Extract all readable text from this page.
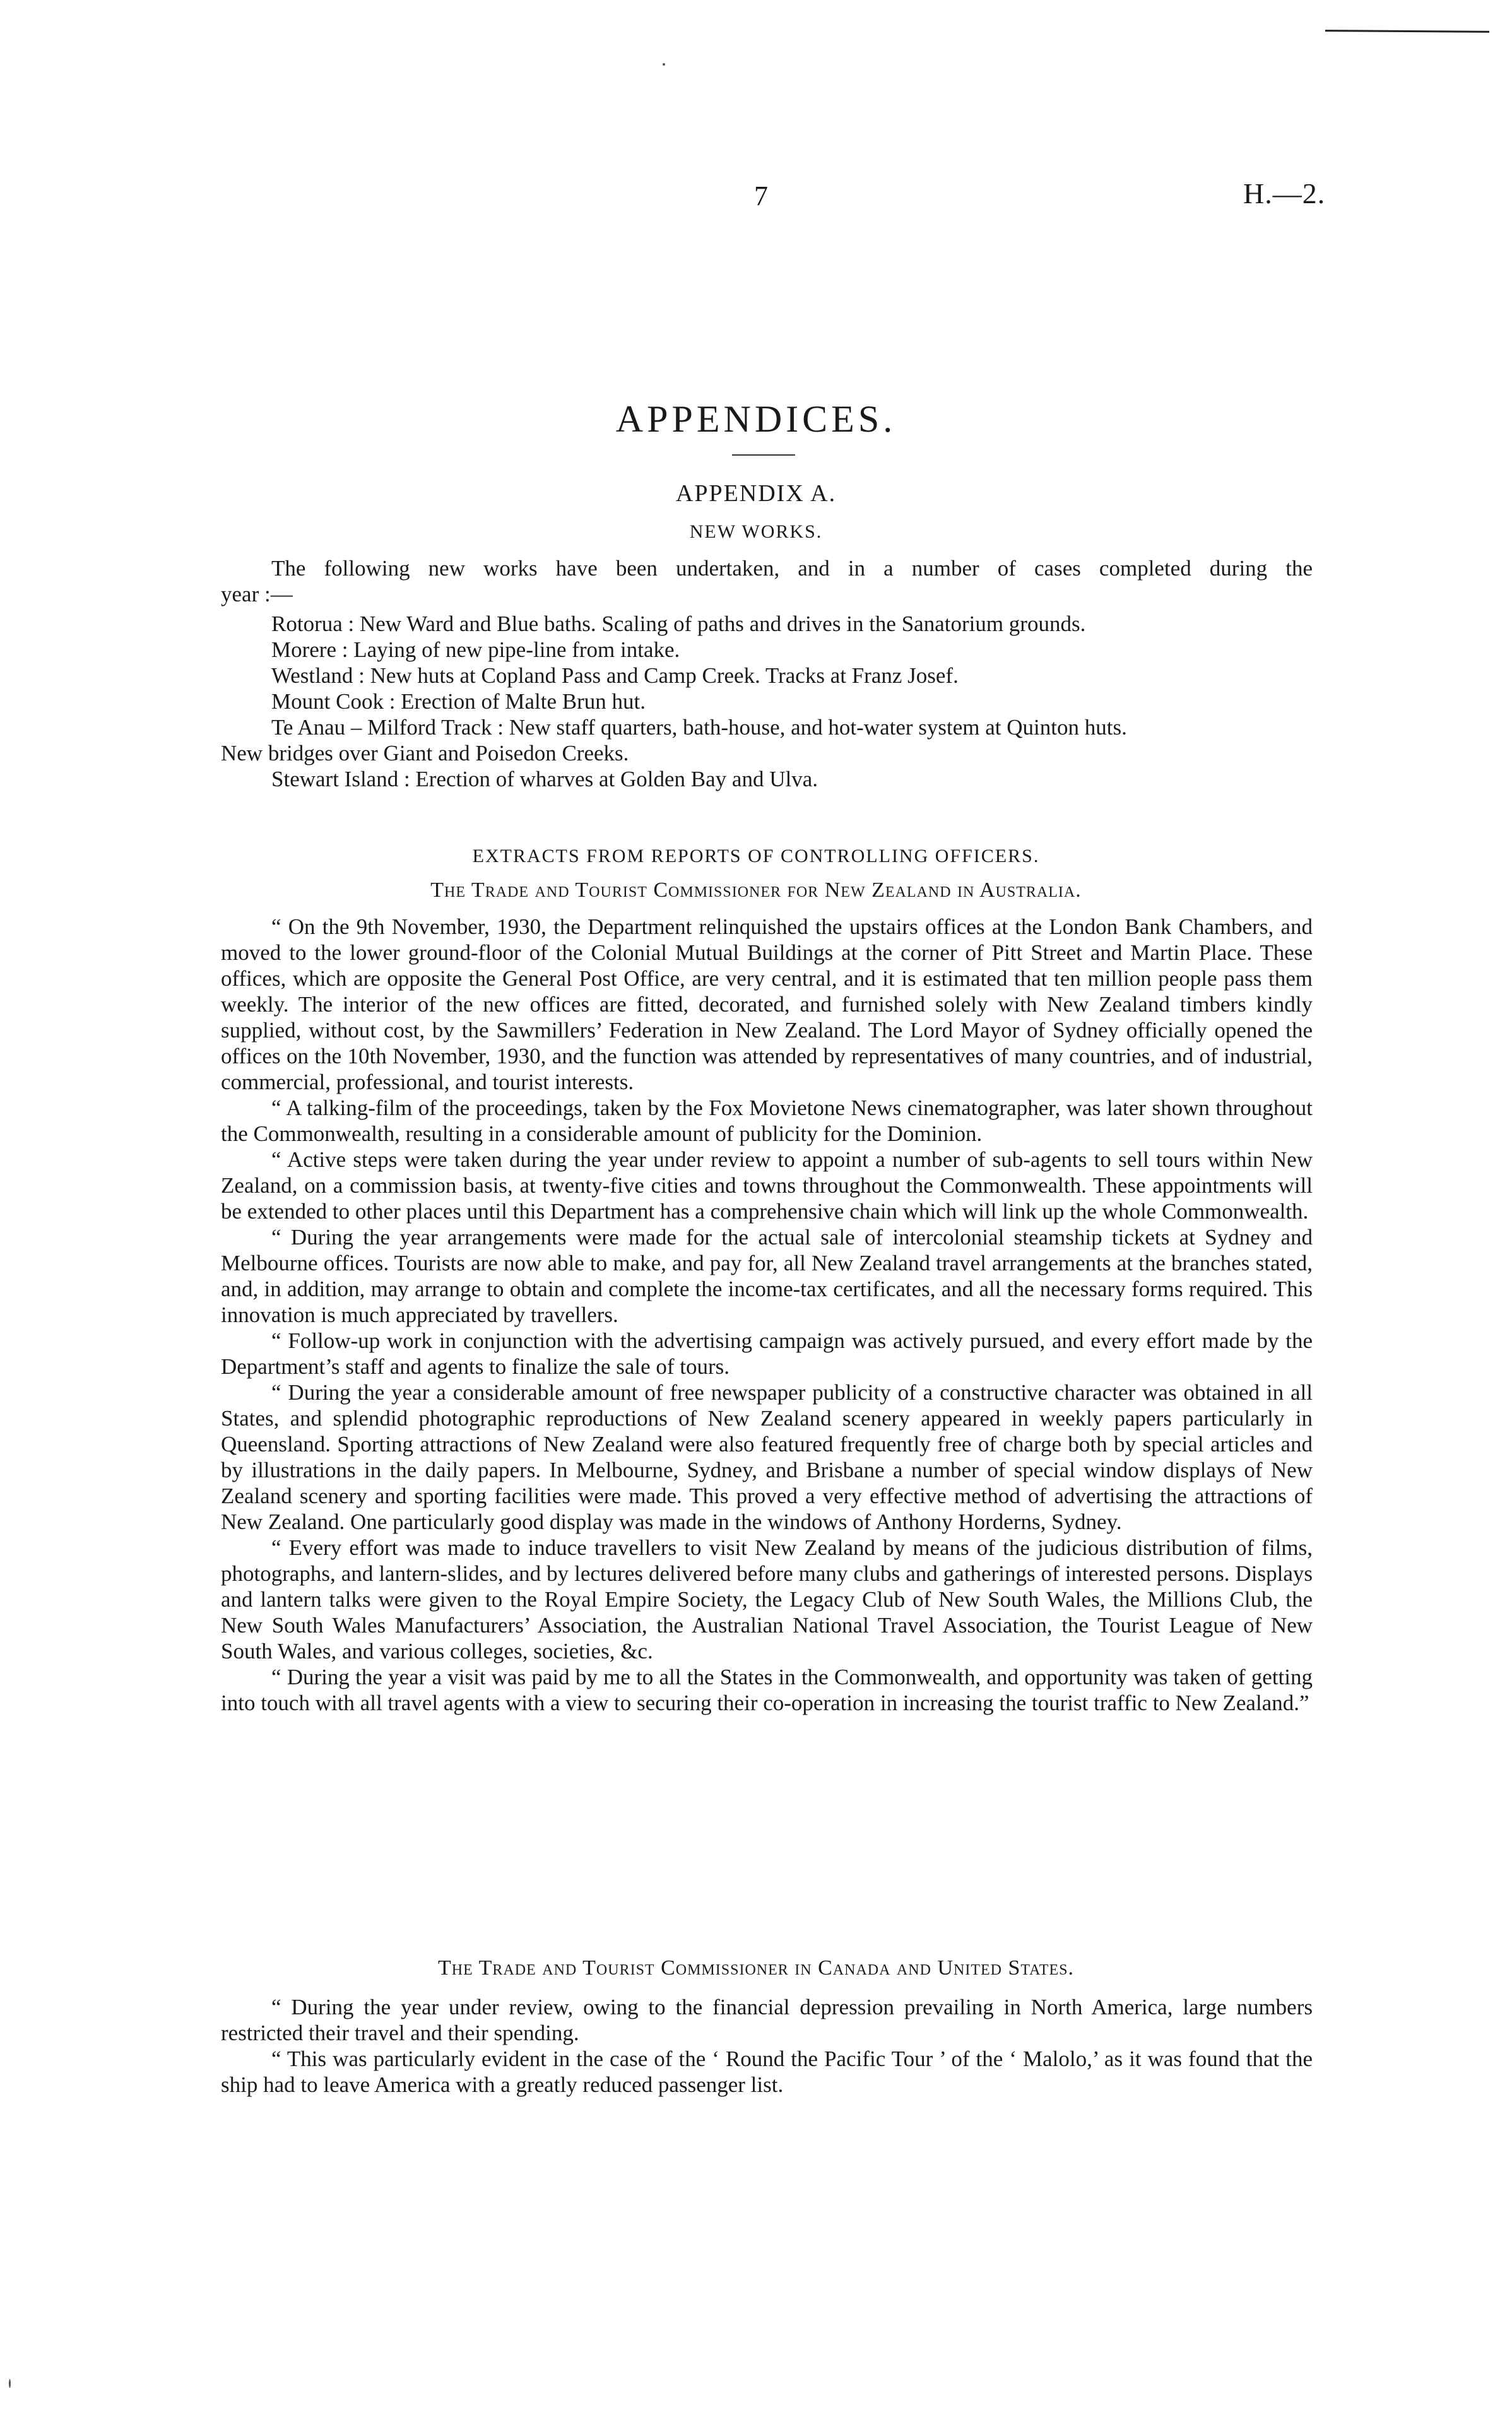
7	H.—2.
APPENDICES.
APPENDIX A.
NEW WORKS.
The following new works have been undertaken, and in a number of cases completed during the
year :—
Rotorua : New Ward and Blue baths. Scaling of paths and drives in the Sanatorium grounds.
Morere : Laying of new pipe-line from intake.
Westland : New huts at Copland Pass and Camp Creek. Tracks at Franz Josef.
Mount Cook : Erection of Malte Brun hut.
Te Anau – Milford Track : New staff quarters, bath-house, and hot-water system at Quinton huts.
New bridges over Giant and Poisedon Creeks.
Stewart Island : Erection of wharves at Golden Bay and Ulva.
EXTRACTS FROM REPORTS OF CONTROLLING OFFICERS.
The Trade and Tourist Commissioner for New Zealand in Australia.

“ On the 9th November, 1930, the Department relinquished the upstairs offices at the London Bank Chambers, and moved to the lower ground-floor of the Colonial Mutual Buildings at the corner of Pitt Street and Martin Place. These offices, which are opposite the General Post Office, are very central, and it is estimated that ten million people pass them weekly. The interior of the new offices are fitted, decorated, and furnished solely with New Zealand timbers kindly supplied, without cost, by the Sawmillers’ Federation in New Zealand. The Lord Mayor of Sydney officially opened the offices on the 10th November, 1930, and the function was attended by representatives of many countries, and of industrial, commercial, professional, and tourist interests.

“ A talking-film of the proceedings, taken by the Fox Movietone News cinematographer, was later shown throughout the Commonwealth, resulting in a considerable amount of publicity for the Dominion.

“ Active steps were taken during the year under review to appoint a number of sub-agents to sell tours within New Zealand, on a commission basis, at twenty-five cities and towns throughout the Commonwealth. These appointments will be extended to other places until this Department has a comprehensive chain which will link up the whole Commonwealth.

“ During the year arrangements were made for the actual sale of intercolonial steamship tickets at Sydney and Melbourne offices. Tourists are now able to make, and pay for, all New Zealand travel arrangements at the branches stated, and, in addition, may arrange to obtain and complete the income-tax certificates, and all the necessary forms required. This innovation is much appreciated by travellers.

“ Follow-up work in conjunction with the advertising campaign was actively pursued, and every effort made by the Department’s staff and agents to finalize the sale of tours.

“ During the year a considerable amount of free newspaper publicity of a constructive character was obtained in all States, and splendid photographic reproductions of New Zealand scenery appeared in weekly papers particularly in Queensland. Sporting attractions of New Zealand were also featured frequently free of charge both by special articles and by illustrations in the daily papers. In Melbourne, Sydney, and Brisbane a number of special window displays of New Zealand scenery and sporting facilities were made. This proved a very effective method of advertising the attractions of New Zealand. One particularly good display was made in the windows of Anthony Horderns, Sydney.

“ Every effort was made to induce travellers to visit New Zealand by means of the judicious distribution of films, photographs, and lantern-slides, and by lectures delivered before many clubs and gatherings of interested persons. Displays and lantern talks were given to the Royal Empire Society, the Legacy Club of New South Wales, the Millions Club, the New South Wales Manufacturers’ Association, the Australian National Travel Association, the Tourist League of New South Wales, and various colleges, societies, &c.

“ During the year a visit was paid by me to all the States in the Commonwealth, and opportunity was taken of getting into touch with all travel agents with a view to securing their co-operation in increasing the tourist traffic to New Zealand.”

The Trade and Tourist Commissioner in Canada and United States.

“ During the year under review, owing to the financial depression prevailing in North America, large numbers restricted their travel and their spending.

“ This was particularly evident in the case of the ‘ Round the Pacific Tour ’ of the ‘ Malolo,’ as it was found that the ship had to leave America with a greatly reduced passenger list.
